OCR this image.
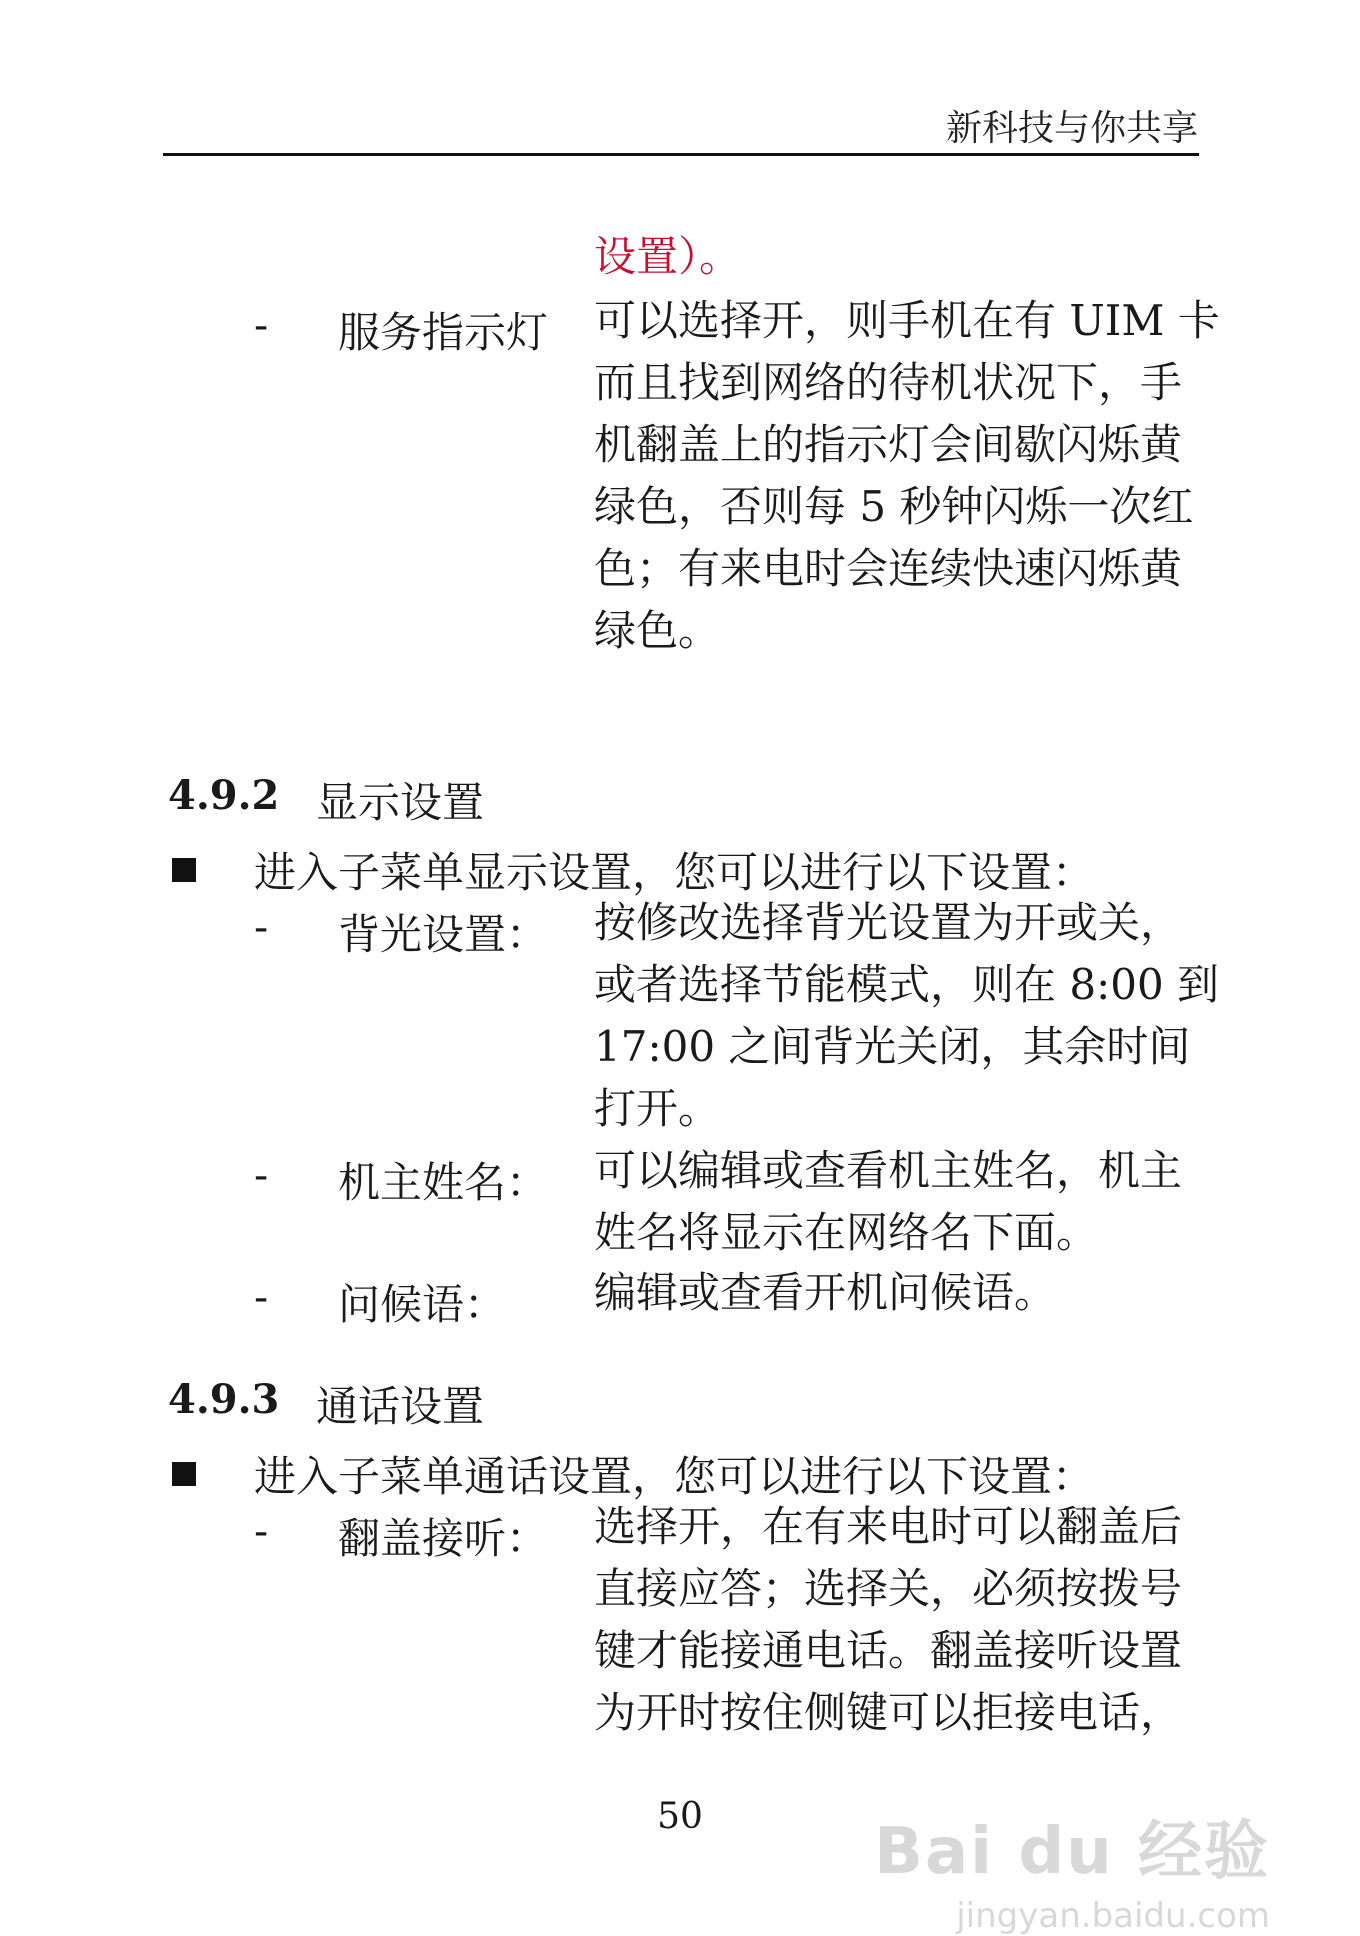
新科技与你共享
设置）。
- 服务指示灯 可以选择开，则手机在有 UIM 卡
而且找到网络的待机状况下，手
机翻盖上的指示灯会间歇闪烁黄
绿色，否则每 5 秒钟闪烁一次红
色；有来电时会连续快速闪烁黄
绿色。
4.9.2 显示设置
进入子菜单显示设置，您可以进行以下设置：
- 背光设置： 按修改选择背光设置为开或关，
或者选择节能模式，则在 8:00 到
17:00 之间背光关闭，其余时间
打开。
- 机主姓名： 可以编辑或查看机主姓名，机主
姓名将显示在网络名下面。
- 问候语： 编辑或查看开机问候语。
4.9.3 通话设置
进入子菜单通话设置，您可以进行以下设置：
- 翻盖接听： 选择开，在有来电时可以翻盖后
直接应答；选择关，必须按拨号
键才能接通电话。翻盖接听设置
为开时按住侧键可以拒接电话，
50	Bai du 经验
jingyan.baidu.com
